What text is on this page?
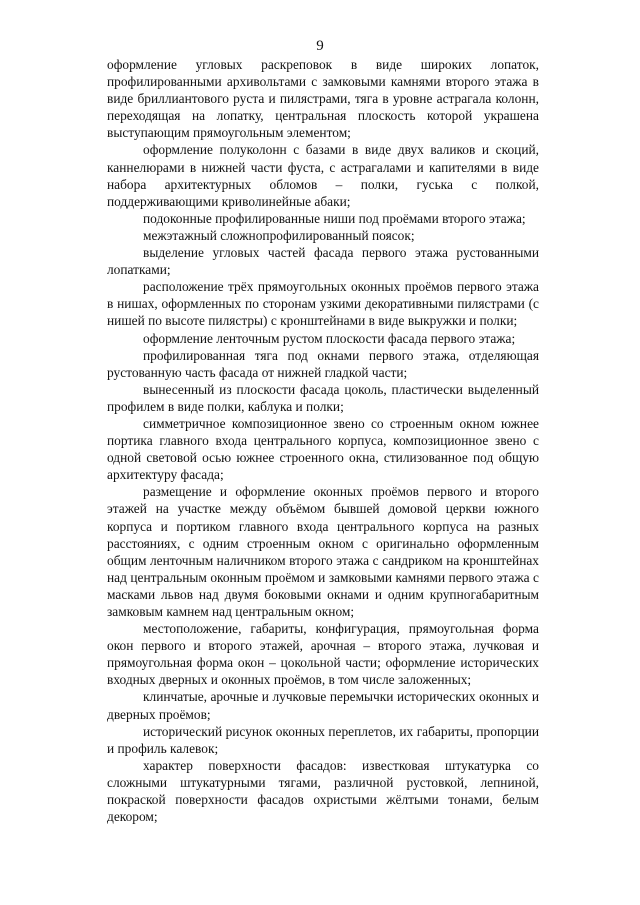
9

оформление угловых раскреповок в виде широких лопаток, профилированными архивольтами с замковыми камнями второго этажа в виде бриллиантового руста и пилястрами, тяга в уровне астрагала колонн, переходящая на лопатку, центральная плоскость которой украшена выступающим прямоугольным элементом;

оформление полуколонн с базами в виде двух валиков и скоций, каннелюрами в нижней части фуста, с астрагалами и капителями в виде набора архитектурных обломов – полки, гуська с полкой, поддерживающими криволинейные абаки;

подоконные профилированные ниши под проёмами второго этажа;

межэтажный сложнопрофилированный поясок;

выделение угловых частей фасада первого этажа рустованными лопатками;

расположение трёх прямоугольных оконных проёмов первого этажа в нишах, оформленных по сторонам узкими декоративными пилястрами (с нишей по высоте пилястры) с кронштейнами в виде выкружки и полки;

оформление ленточным рустом плоскости фасада первого этажа;

профилированная тяга под окнами первого этажа, отделяющая рустованную часть фасада от нижней гладкой части;

вынесенный из плоскости фасада цоколь, пластически выделенный профилем в виде полки, каблука и полки;

симметричное композиционное звено со строенным окном южнее портика главного входа центрального корпуса, композиционное звено с одной световой осью южнее строенного окна, стилизованное под общую архитектуру фасада;

размещение и оформление оконных проёмов первого и второго этажей на участке между объёмом бывшей домовой церкви южного корпуса и портиком главного входа центрального корпуса на разных расстояниях, с одним строенным окном с оригинально оформленным общим ленточным наличником второго этажа с сандриком на кронштейнах над центральным оконным проёмом и замковыми камнями первого этажа с масками львов над двумя боковыми окнами и одним крупногабаритным замковым камнем над центральным окном;

местоположение, габариты, конфигурация, прямоугольная форма окон первого и второго этажей, арочная – второго этажа, лучковая и прямоугольная форма окон – цокольной части; оформление исторических входных дверных и оконных проёмов, в том числе заложенных;

клинчатые, арочные и лучковые перемычки исторических оконных и дверных проёмов;

исторический рисунок оконных переплетов, их габариты, пропорции и профиль калевок;

характер поверхности фасадов: известковая штукатурка со сложными штукатурными тягами, различной рустовкой, лепниной, покраской поверхности фасадов охристыми жёлтыми тонами, белым декором;
